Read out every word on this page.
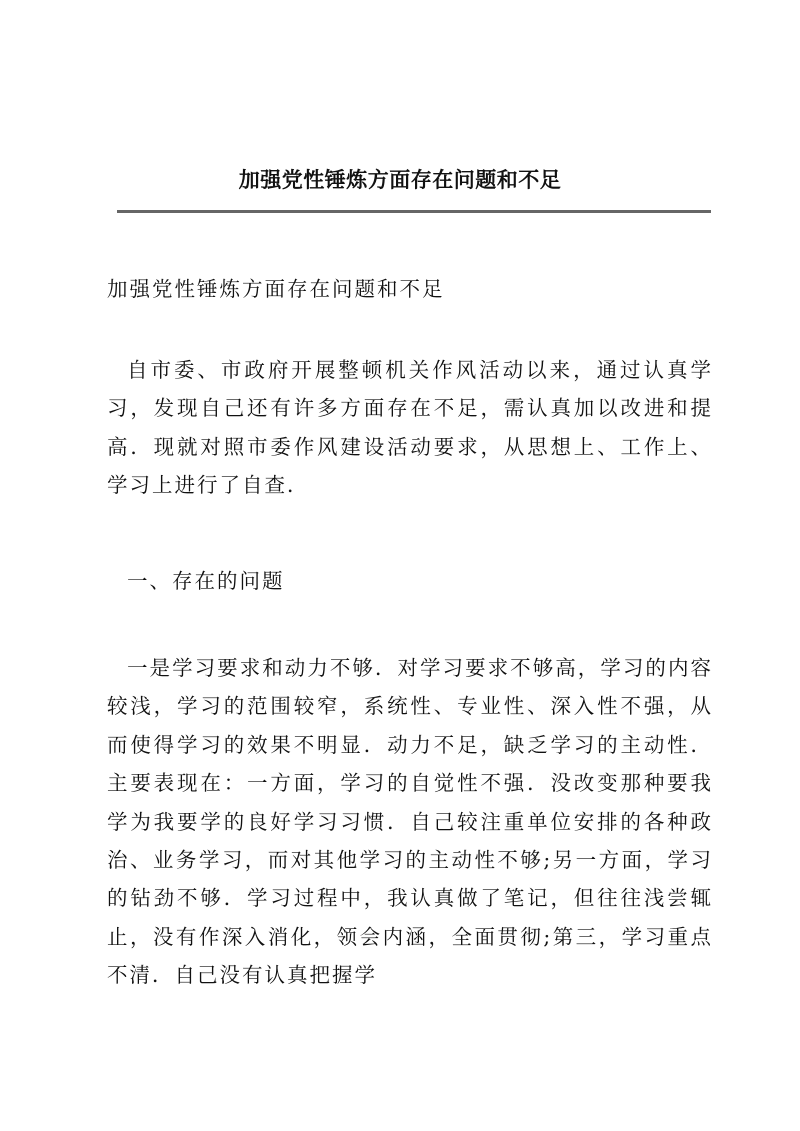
加强党性锤炼方面存在问题和不足

加强党性锤炼方面存在问题和不足

自市委、市政府开展整顿机关作风活动以来，通过认真学习，发现自己还有许多方面存在不足，需认真加以改进和提高．现就对照市委作风建设活动要求，从思想上、工作上、学习上进行了自查．

一、存在的问题

一是学习要求和动力不够．对学习要求不够高，学习的内容较浅，学习的范围较窄，系统性、专业性、深入性不强，从而使得学习的效果不明显．动力不足，缺乏学习的主动性．主要表现在：一方面，学习的自觉性不强．没改变那种要我学为我要学的良好学习习惯．自己较注重单位安排的各种政治、业务学习，而对其他学习的主动性不够;另一方面，学习的钻劲不够．学习过程中，我认真做了笔记，但往往浅尝辄止，没有作深入消化，领会内涵，全面贯彻;第三，学习重点不清．自己没有认真把握学
